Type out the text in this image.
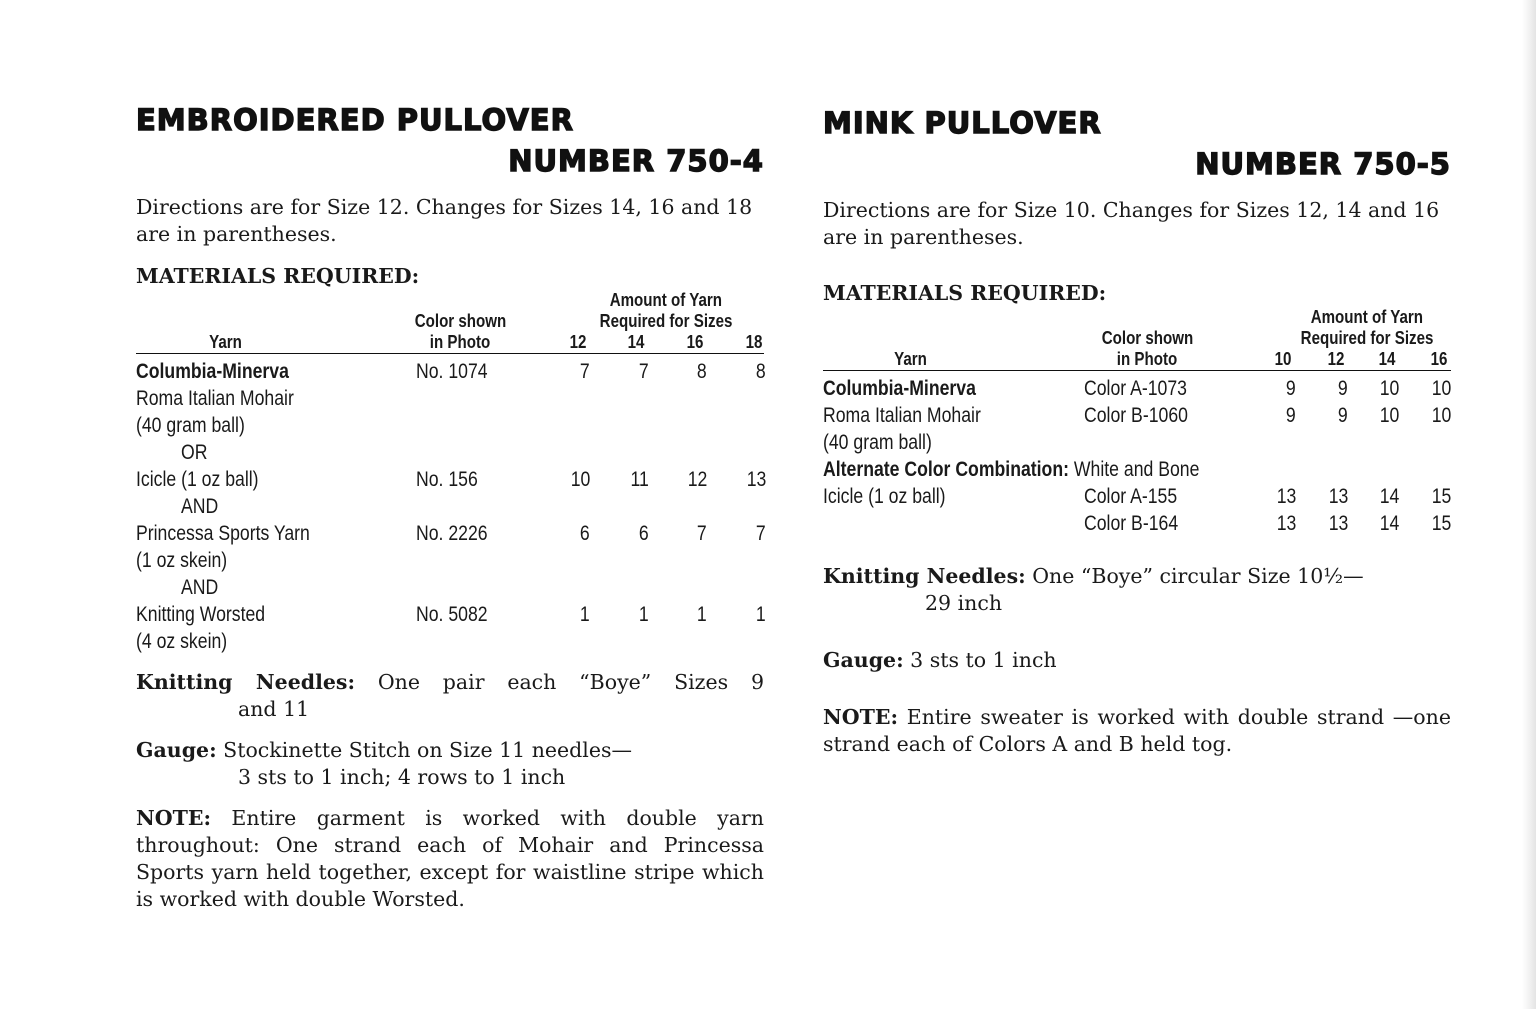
EMBROIDERED PULLOVER
NUMBER 750-4
Directions are for Size 12. Changes for Sizes 14, 16 and 18 are in parentheses.
MATERIALS REQUIRED:
Yarn
Color shown
in Photo
Amount of Yarn
Required for Sizes
12	14	16	18
Columbia-Minerva	No. 1074	7	7	8	8
Roma Italian Mohair
(40 gram ball)
OR
Icicle (1 oz ball)	No. 156	10	11	12	13
AND
Princessa Sports Yarn	No. 2226	6	6	7	7
(1 oz skein)
AND
Knitting Worsted	No. 5082	1	1	1	1
(4 oz skein)
Knitting Needles: One pair each “Boye” Sizes 9
and 11
Gauge: Stockinette Stitch on Size 11 needles—
3 sts to 1 inch; 4 rows to 1 inch
NOTE: Entire garment is worked with double yarn throughout: One strand each of Mohair and Princessa Sports yarn held together, except for waistline stripe which is worked with double Worsted.
MINK PULLOVER
NUMBER 750-5
Directions are for Size 10. Changes for Sizes 12, 14 and 16 are in parentheses.
MATERIALS REQUIRED:
Yarn
Color shown
in Photo
Amount of Yarn
Required for Sizes
10	12	14	16
Columbia-Minerva	Color A-1073	9	9	10	10
Roma Italian Mohair	Color B-1060	9	9	10	10
(40 gram ball)
Alternate Color Combination: White and Bone
Icicle (1 oz ball)	Color A-155	13	13	14	15
Color B-164	13	13	14	15
Knitting Needles: One “Boye” circular Size 10½—
29 inch
Gauge: 3 sts to 1 inch
NOTE: Entire sweater is worked with double strand —one strand each of Colors A and B held tog.
